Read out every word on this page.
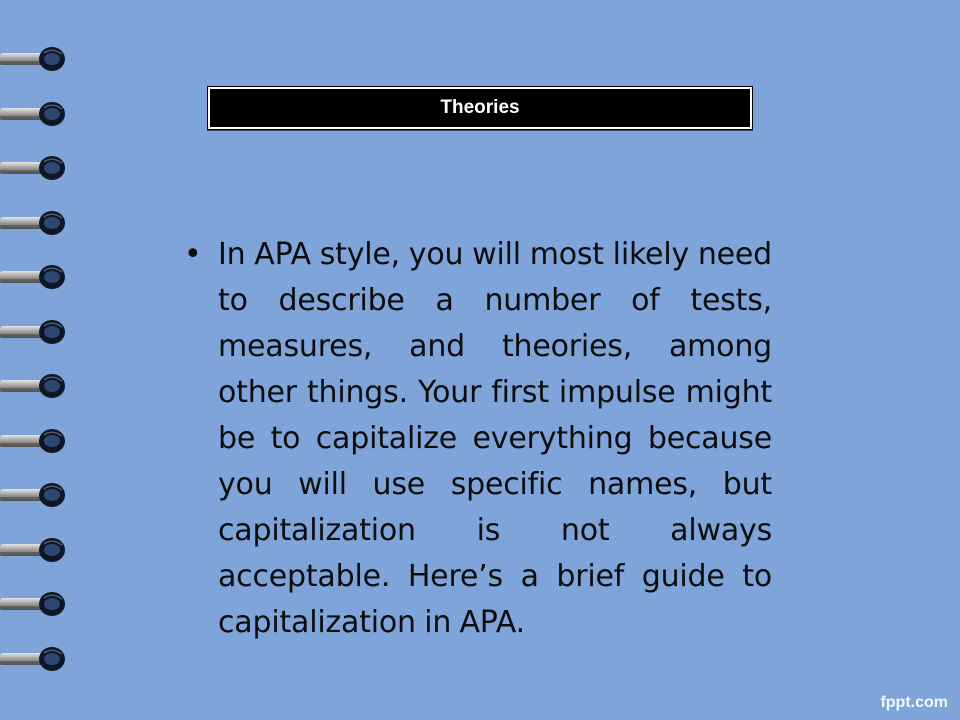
Theories
• In APA style, you will most likely need to describe a number of tests, measures, and theories, among other things. Your first impulse might be to capitalize everything because you will use specific names, but capitalization is not always acceptable. Here’s a brief guide to capitalization in APA.
fppt.com
